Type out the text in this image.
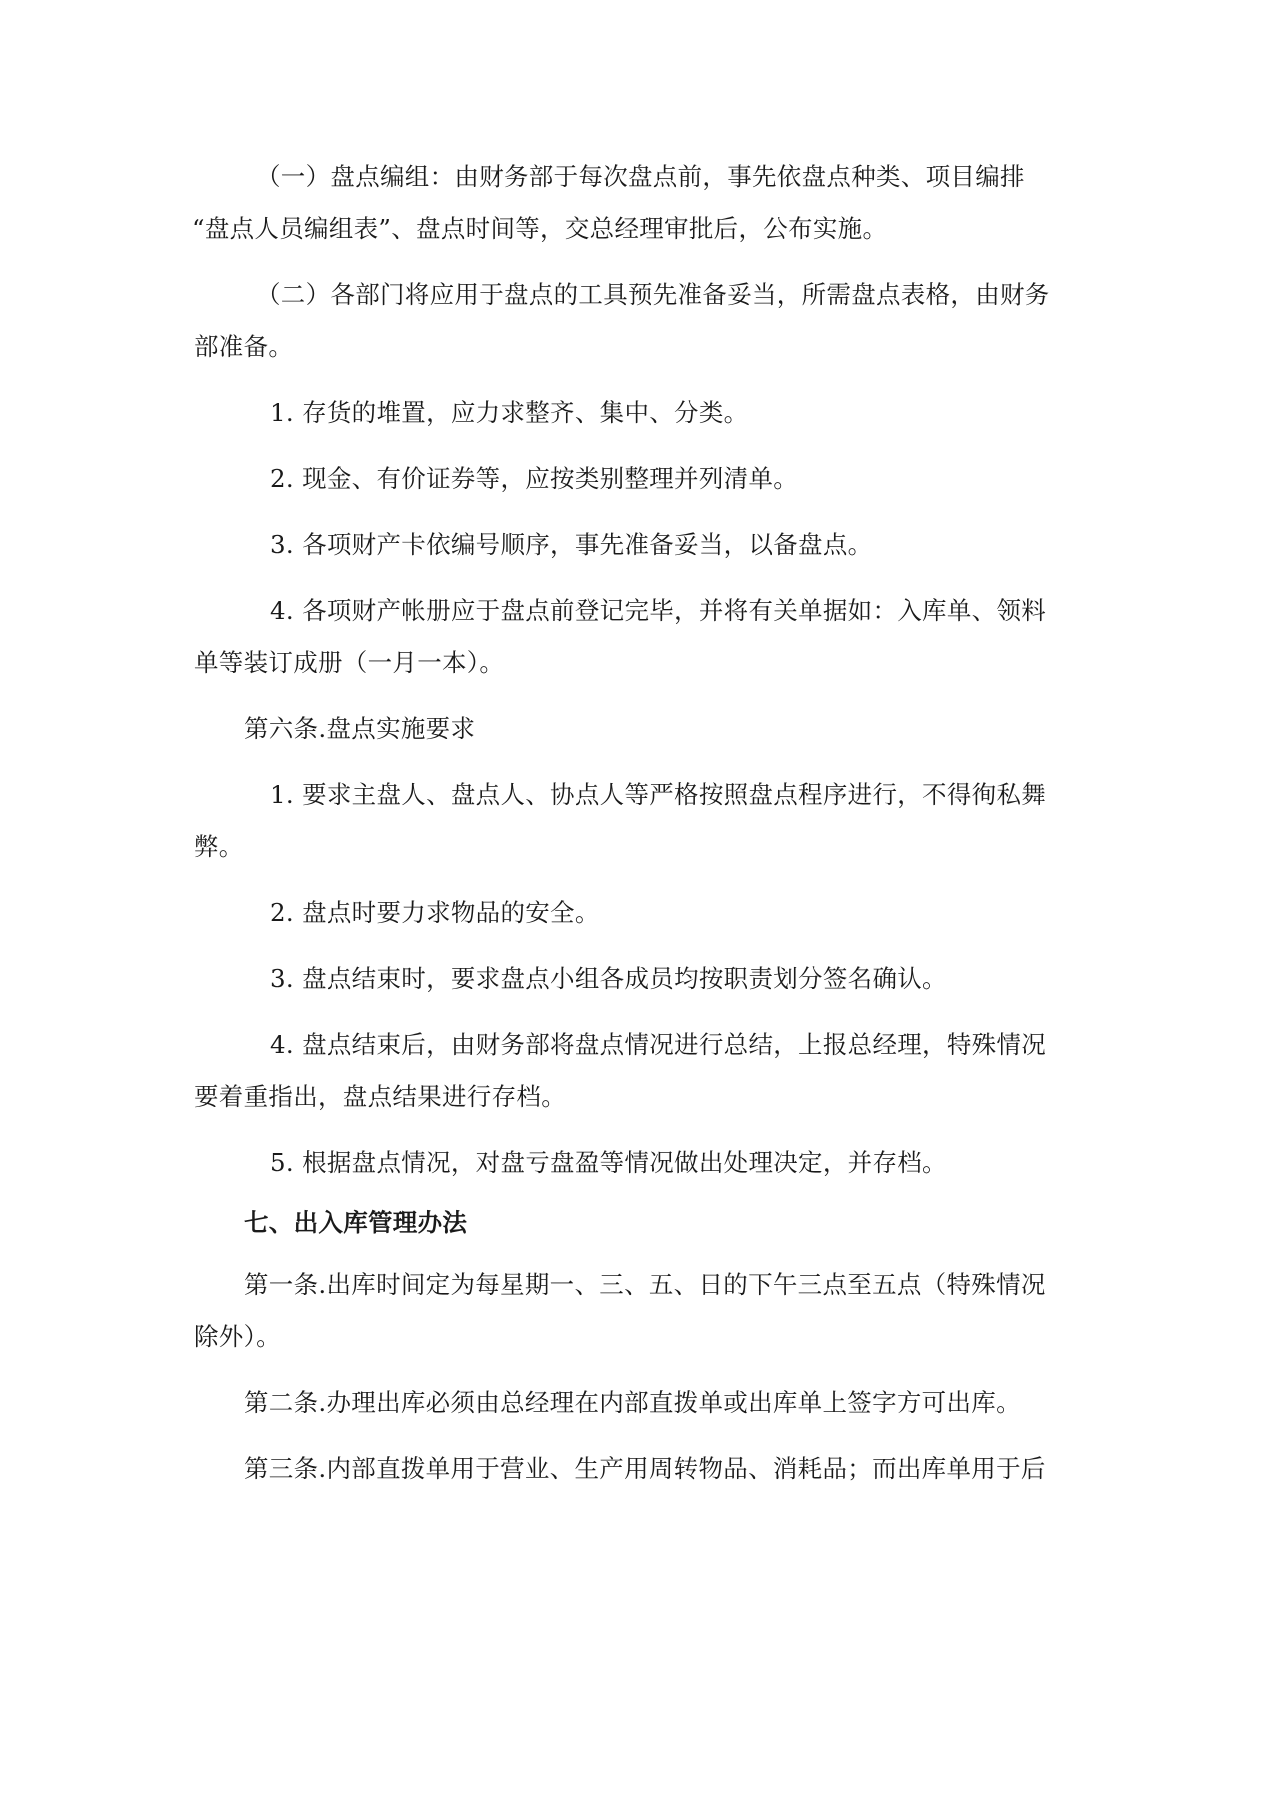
（一）盘点编组：由财务部于每次盘点前，事先依盘点种类、项目编排
“盘点人员编组表”、盘点时间等，交总经理审批后，公布实施。
（二）各部门将应用于盘点的工具预先准备妥当，所需盘点表格，由财务
部准备。
1. 存货的堆置，应力求整齐、集中、分类。
2. 现金、有价证券等，应按类别整理并列清单。
3. 各项财产卡依编号顺序，事先准备妥当，以备盘点。
4. 各项财产帐册应于盘点前登记完毕，并将有关单据如：入库单、领料
单等装订成册（一月一本）。
第六条.盘点实施要求
1. 要求主盘人、盘点人、协点人等严格按照盘点程序进行，不得徇私舞
弊。
2. 盘点时要力求物品的安全。
3. 盘点结束时，要求盘点小组各成员均按职责划分签名确认。
4. 盘点结束后，由财务部将盘点情况进行总结，上报总经理，特殊情况
要着重指出，盘点结果进行存档。
5. 根据盘点情况，对盘亏盘盈等情况做出处理决定，并存档。
七、出入库管理办法
第一条.出库时间定为每星期一、三、五、日的下午三点至五点（特殊情况
除外）。
第二条.办理出库必须由总经理在内部直拨单或出库单上签字方可出库。
第三条.内部直拨单用于营业、生产用周转物品、消耗品；而出库单用于后
